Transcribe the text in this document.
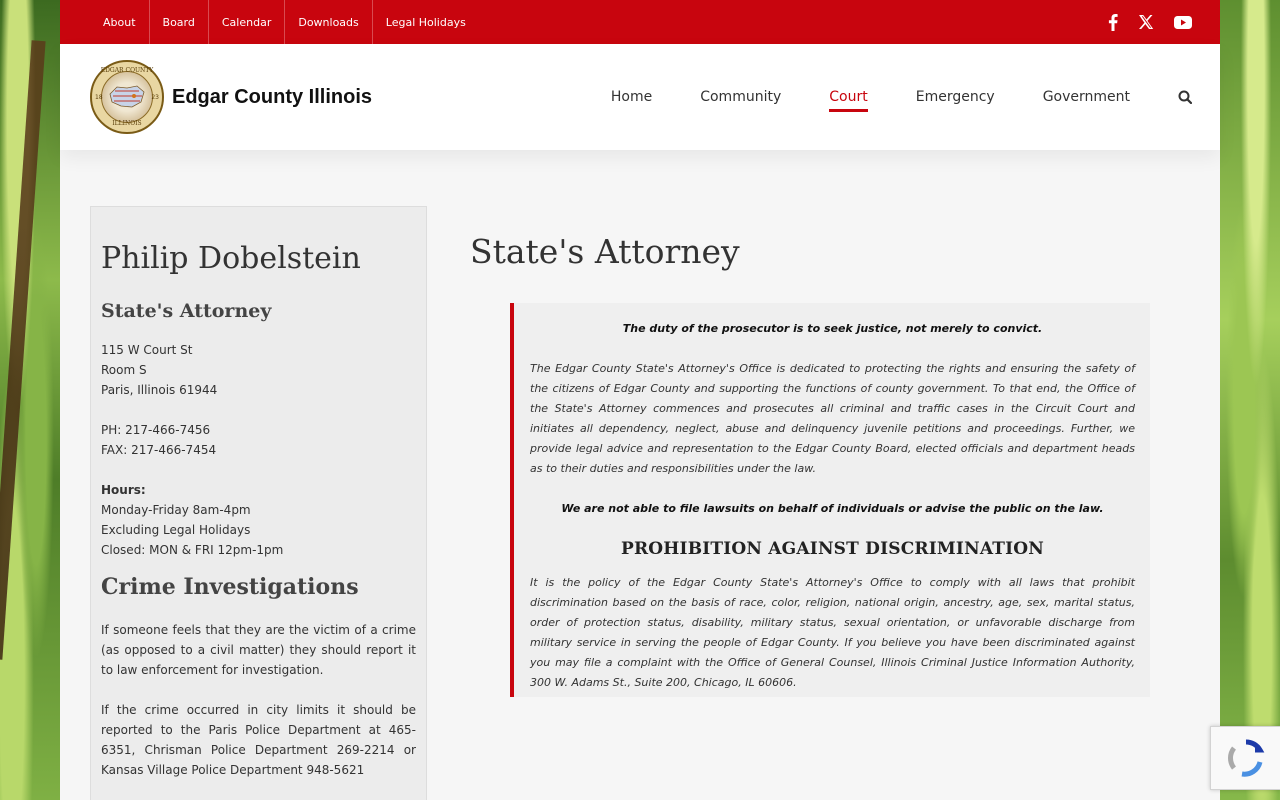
About	Board	Calendar	Downloads	Legal Holidays
EDGAR COUNTY
ILLINOIS
18	23 Edgar County Illinois	Home	Community	Court	Emergency	Government
Philip Dobelstein
State's Attorney
115 W Court St
Room S
Paris, Illinois 61944
PH: 217-466-7456
FAX: 217-466-7454
Hours:
Monday-Friday 8am-4pm
Excluding Legal Holidays
Closed: MON & FRI 12pm-1pm
Crime Investigations

If someone feels that they are the victim of a crime (as opposed to a civil matter) they should report it to law enforcement for investigation.

If the crime occurred in city limits it should be reported to the Paris Police Department at 465-6351, Chrisman Police Department 269-2214 or Kansas Village Police Department 948-5621

State's Attorney

The duty of the prosecutor is to seek justice, not merely to convict.

The Edgar County State's Attorney's Office is dedicated to protecting the rights and ensuring the safety of the citizens of Edgar County and supporting the functions of county government. To that end, the Office of the State's Attorney commences and prosecutes all criminal and traffic cases in the Circuit Court and initiates all dependency, neglect, abuse and delinquency juvenile petitions and proceedings. Further, we provide legal advice and representation to the Edgar County Board, elected officials and department heads as to their duties and responsibilities under the law.

We are not able to file lawsuits on behalf of individuals or advise the public on the law.

PROHIBITION AGAINST DISCRIMINATION

It is the policy of the Edgar County State's Attorney's Office to comply with all laws that prohibit discrimination based on the basis of race, color, religion, national origin, ancestry, age, sex, marital status, order of protection status, disability, military status, sexual orientation, or unfavorable discharge from military service in serving the people of Edgar County. If you believe you have been discriminated against you may file a complaint with the Office of General Counsel, Illinois Criminal Justice Information Authority, 300 W. Adams St., Suite 200, Chicago, IL 60606.
